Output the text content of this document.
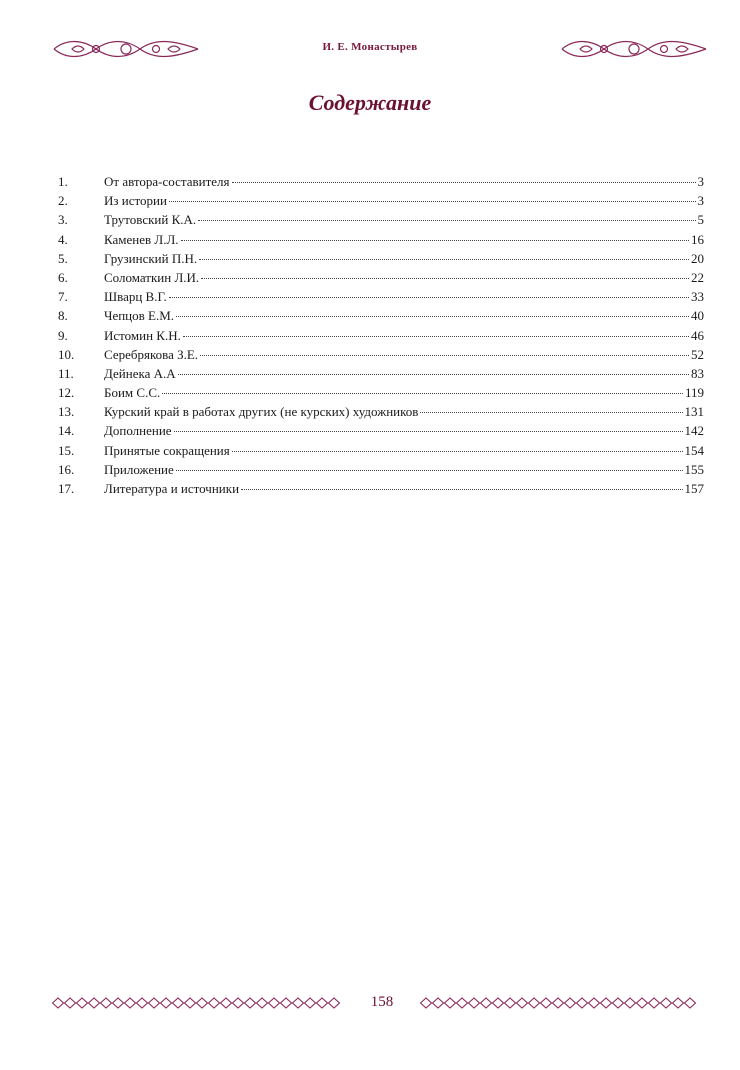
И. Е. Монастырев
Содержание
1.	От автора-составителя	3
2.	Из истории	3
3.	Трутовский К.А.	5
4.	Каменев Л.Л.	16
5.	Грузинский П.Н.	20
6.	Соломаткин Л.И.	22
7.	Шварц В.Г.	33
8.	Чепцов Е.М.	40
9.	Истомин К.Н.	46
10.	Серебрякова З.Е.	52
11.	Дейнека А.А	83
12.	Боим С.С.	119
13.	Курский край в работах других (не курских) художников	131
14.	Дополнение	142
15.	Принятые сокращения	154
16.	Приложение	155
17.	Литература и источники	157
158
